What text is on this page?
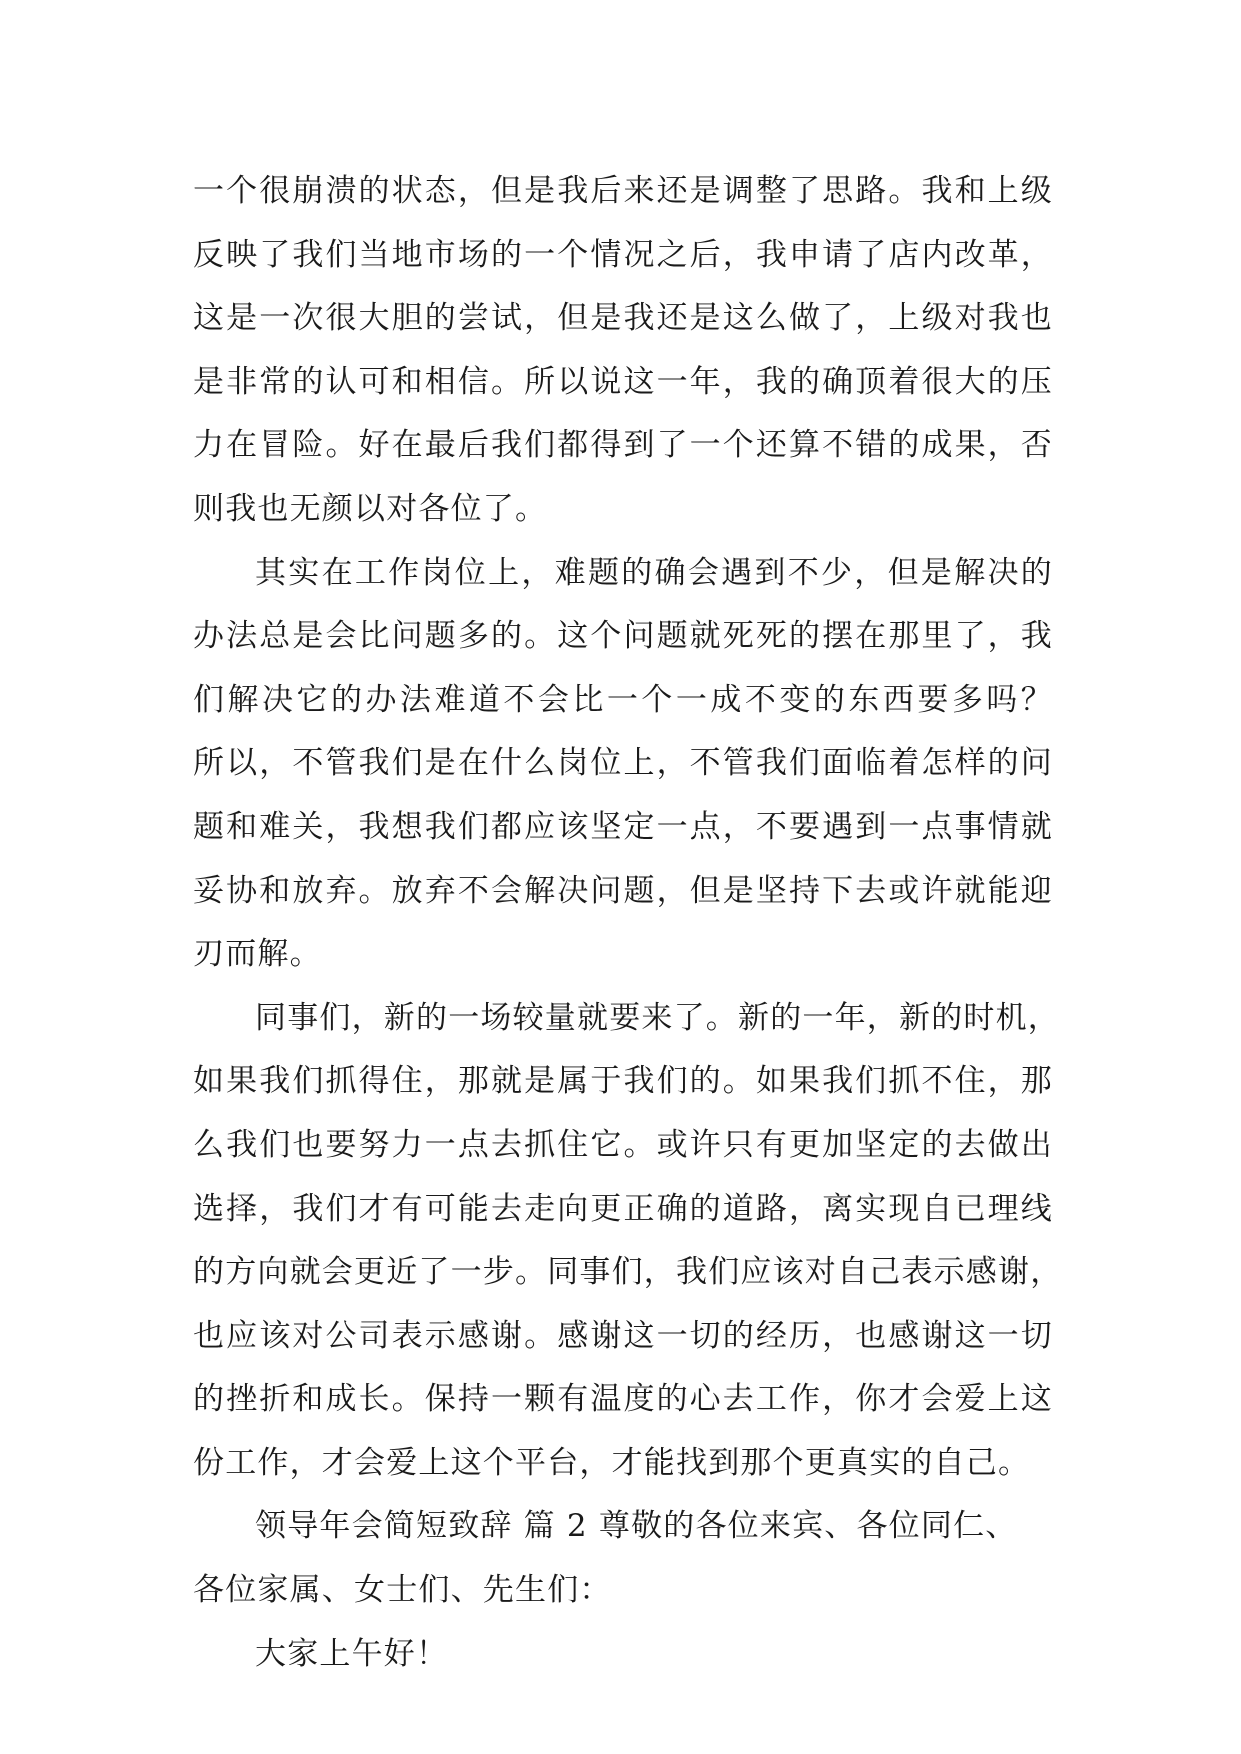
一个很崩溃的状态，但是我后来还是调整了思路。我和上级
反映了我们当地市场的一个情况之后，我申请了店内改革，
这是一次很大胆的尝试，但是我还是这么做了，上级对我也
是非常的认可和相信。所以说这一年，我的确顶着很大的压
力在冒险。好在最后我们都得到了一个还算不错的成果，否
则我也无颜以对各位了。
其实在工作岗位上，难题的确会遇到不少，但是解决的
办法总是会比问题多的。这个问题就死死的摆在那里了，我
们解决它的办法难道不会比一个一成不变的东西要多吗？
所以，不管我们是在什么岗位上，不管我们面临着怎样的问
题和难关，我想我们都应该坚定一点，不要遇到一点事情就
妥协和放弃。放弃不会解决问题，但是坚持下去或许就能迎
刃而解。
同事们，新的一场较量就要来了。新的一年，新的时机，
如果我们抓得住，那就是属于我们的。如果我们抓不住，那
么我们也要努力一点去抓住它。或许只有更加坚定的去做出
选择，我们才有可能去走向更正确的道路，离实现自已理线
的方向就会更近了一步。同事们，我们应该对自己表示感谢，
也应该对公司表示感谢。感谢这一切的经历，也感谢这一切
的挫折和成长。保持一颗有温度的心去工作，你才会爱上这
份工作，才会爱上这个平台，才能找到那个更真实的自己。
领导年会简短致辞 篇 2 尊敬的各位来宾、各位同仁、
各位家属、女士们、先生们：
大家上午好！
